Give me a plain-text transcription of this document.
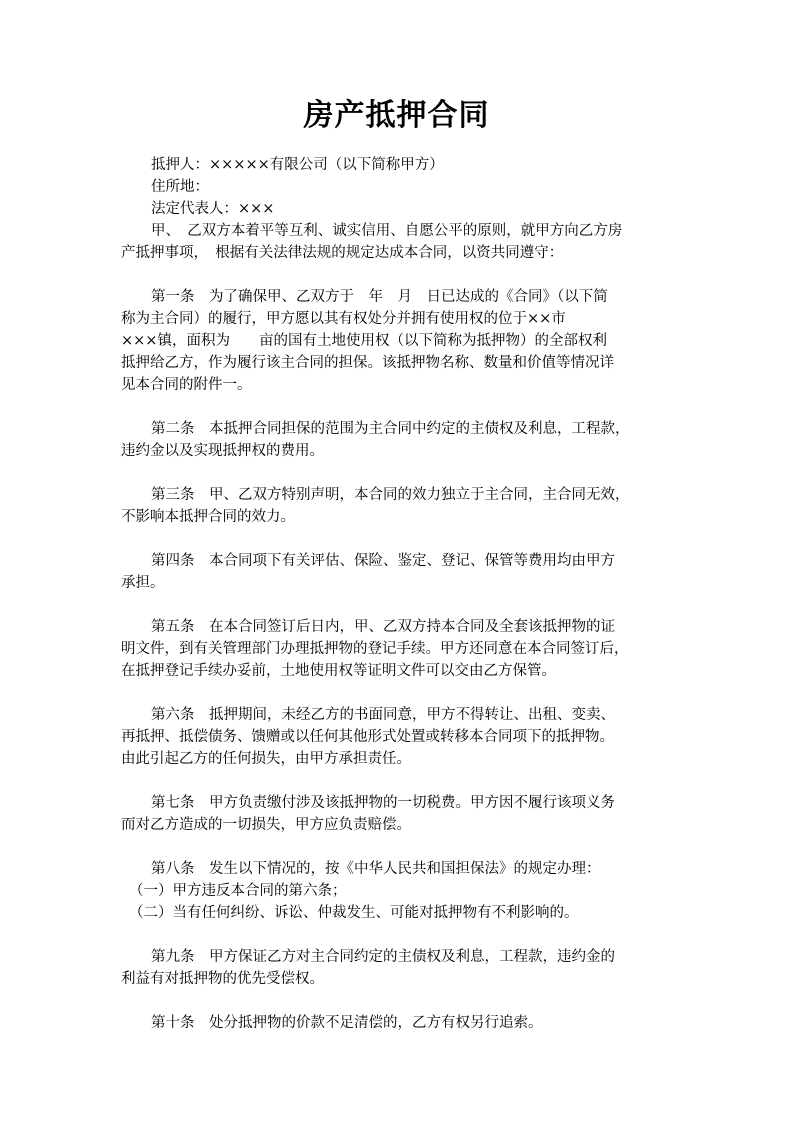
房产抵押合同
抵押人：×××××有限公司（以下简称甲方）
住所地：
法定代表人：×××
甲、　乙双方本着平等互利、诚实信用、自愿公平的原则，就甲方向乙方房
产抵押事项，　根据有关法律法规的规定达成本合同，以资共同遵守：
第一条　为了确保甲、乙双方于　年　月　日已达成的《合同》（以下简
称为主合同）的履行，甲方愿以其有权处分并拥有使用权的位于××市
×××镇，面积为　　亩的国有土地使用权（以下简称为抵押物）的全部权利
抵押给乙方，作为履行该主合同的担保。该抵押物名称、数量和价值等情况详
见本合同的附件一。
第二条　本抵押合同担保的范围为主合同中约定的主债权及利息，工程款，
违约金以及实现抵押权的费用。
第三条　甲、乙双方特别声明，本合同的效力独立于主合同，主合同无效，
不影响本抵押合同的效力。
第四条　本合同项下有关评估、保险、鉴定、登记、保管等费用均由甲方
承担。
第五条　在本合同签订后日内，甲、乙双方持本合同及全套该抵押物的证
明文件，到有关管理部门办理抵押物的登记手续。甲方还同意在本合同签订后，
在抵押登记手续办妥前，土地使用权等证明文件可以交由乙方保管。
第六条　抵押期间，未经乙方的书面同意，甲方不得转让、出租、变卖、
再抵押、抵偿债务、馈赠或以任何其他形式处置或转移本合同项下的抵押物。
由此引起乙方的任何损失，由甲方承担责任。
第七条　甲方负责缴付涉及该抵押物的一切税费。甲方因不履行该项义务
而对乙方造成的一切损失，甲方应负责赔偿。
第八条　发生以下情况的，按《中华人民共和国担保法》的规定办理：
（一）甲方违反本合同的第六条；
（二）当有任何纠纷、诉讼、仲裁发生、可能对抵押物有不利影响的。
第九条　甲方保证乙方对主合同约定的主债权及利息，工程款，违约金的
利益有对抵押物的优先受偿权。
第十条　处分抵押物的价款不足清偿的，乙方有权另行追索。
